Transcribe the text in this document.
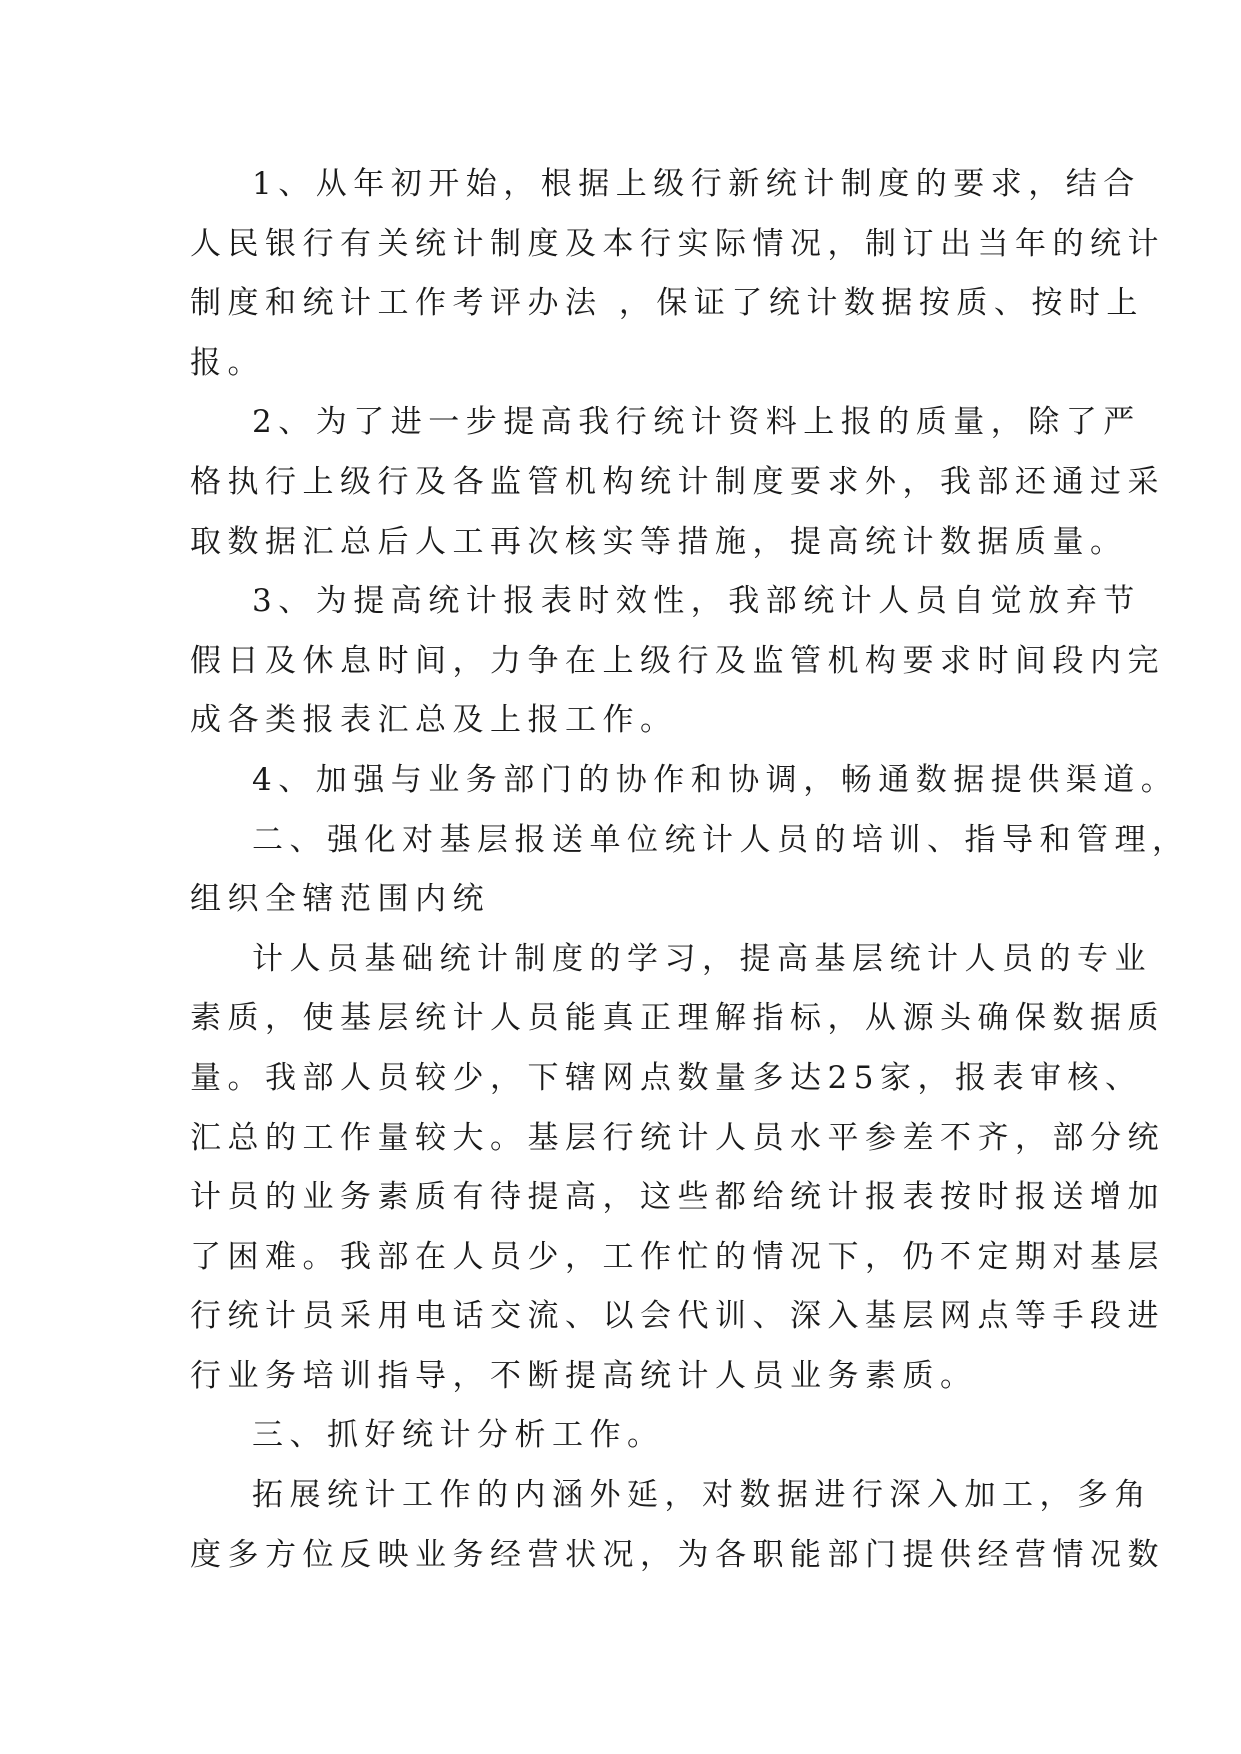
1、从年初开始，根据上级行新统计制度的要求，结合
人民银行有关统计制度及本行实际情况，制订出当年的统计
制度和统计工作考评办法 ，保证了统计数据按质、按时上
报。
2、为了进一步提高我行统计资料上报的质量，除了严
格执行上级行及各监管机构统计制度要求外，我部还通过采
取数据汇总后人工再次核实等措施，提高统计数据质量。
3、为提高统计报表时效性，我部统计人员自觉放弃节
假日及休息时间，力争在上级行及监管机构要求时间段内完
成各类报表汇总及上报工作。
4、加强与业务部门的协作和协调，畅通数据提供渠道。
二、强化对基层报送单位统计人员的培训、指导和管理，
组织全辖范围内统
计人员基础统计制度的学习，提高基层统计人员的专业
素质，使基层统计人员能真正理解指标，从源头确保数据质
量。我部人员较少，下辖网点数量多达25家，报表审核、
汇总的工作量较大。基层行统计人员水平参差不齐，部分统
计员的业务素质有待提高，这些都给统计报表按时报送增加
了困难。我部在人员少，工作忙的情况下，仍不定期对基层
行统计员采用电话交流、以会代训、深入基层网点等手段进
行业务培训指导，不断提高统计人员业务素质。
三、抓好统计分析工作。
拓展统计工作的内涵外延，对数据进行深入加工，多角
度多方位反映业务经营状况，为各职能部门提供经营情况数
